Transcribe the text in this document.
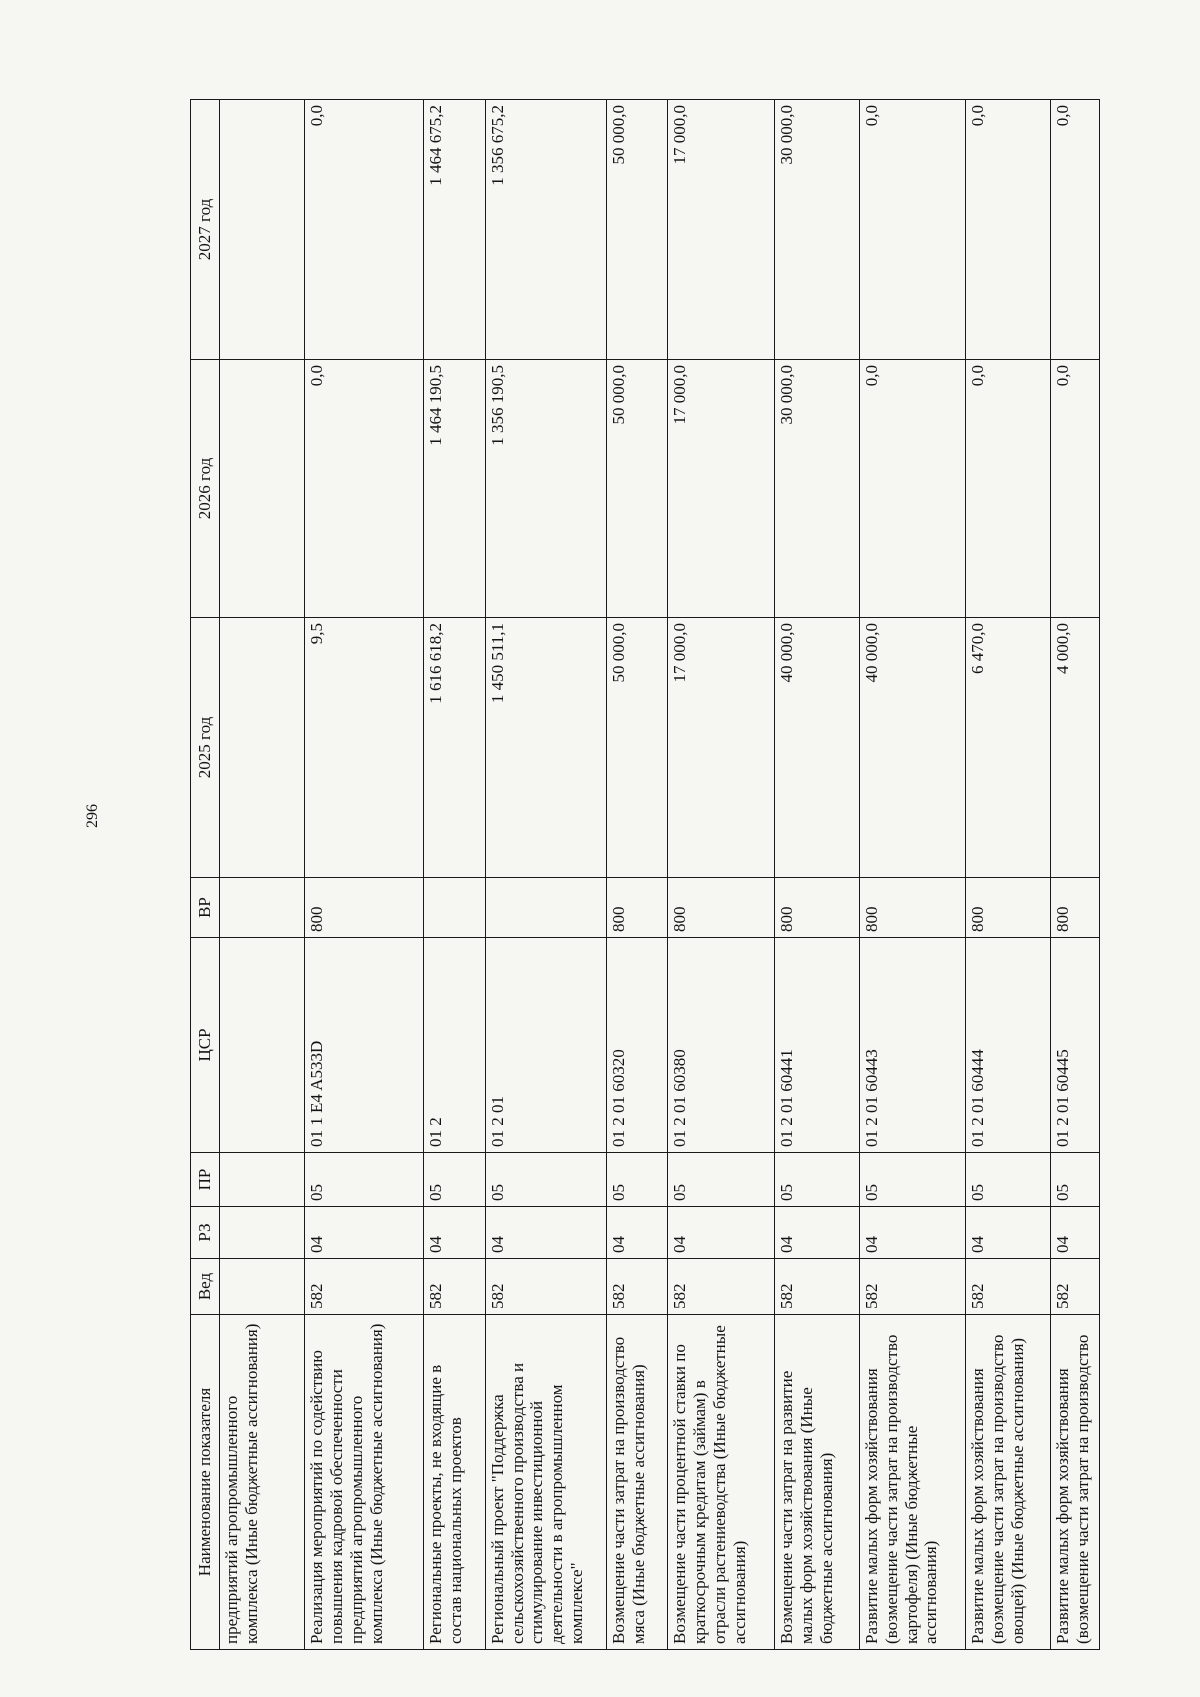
296
Наименование показателя	Вед	РЗ	ПР	ЦСР	ВР	2025 год	2026 год	2027 год
предприятий агропромышленного комплекса (Иные бюджетные ассигнования)								
Реализация мероприятий по содействию повышения кадровой обеспеченности предприятий агропромышленного комплекса (Иные бюджетные ассигнования)	582	04	05	01 1 E4 A533D	800	9,5	0,0	0,0
Региональные проекты, не входящие в состав национальных проектов	582	04	05	01 2		1 616 618,2	1 464 190,5	1 464 675,2
Региональный проект "Поддержка сельскохозяйственного производства и стимулирование инвестиционной деятельности в агропромышленном комплексе"	582	04	05	01 2 01		1 450 511,1	1 356 190,5	1 356 675,2
Возмещение части затрат на производство мяса (Иные бюджетные ассигнования)	582	04	05	01 2 01 60320	800	50 000,0	50 000,0	50 000,0
Возмещение части процентной ставки по краткосрочным кредитам (займам) в отрасли растениеводства (Иные бюджетные ассигнования)	582	04	05	01 2 01 60380	800	17 000,0	17 000,0	17 000,0
Возмещение части затрат на развитие малых форм хозяйствования (Иные бюджетные ассигнования)	582	04	05	01 2 01 60441	800	40 000,0	30 000,0	30 000,0
Развитие малых форм хозяйствования (возмещение части затрат на производство картофеля) (Иные бюджетные ассигнования)	582	04	05	01 2 01 60443	800	40 000,0	0,0	0,0
Развитие малых форм хозяйствования (возмещение части затрат на производство овощей) (Иные бюджетные ассигнования)	582	04	05	01 2 01 60444	800	6 470,0	0,0	0,0
Развитие малых форм хозяйствования (возмещение части затрат на производство	582	04	05	01 2 01 60445	800	4 000,0	0,0	0,0
